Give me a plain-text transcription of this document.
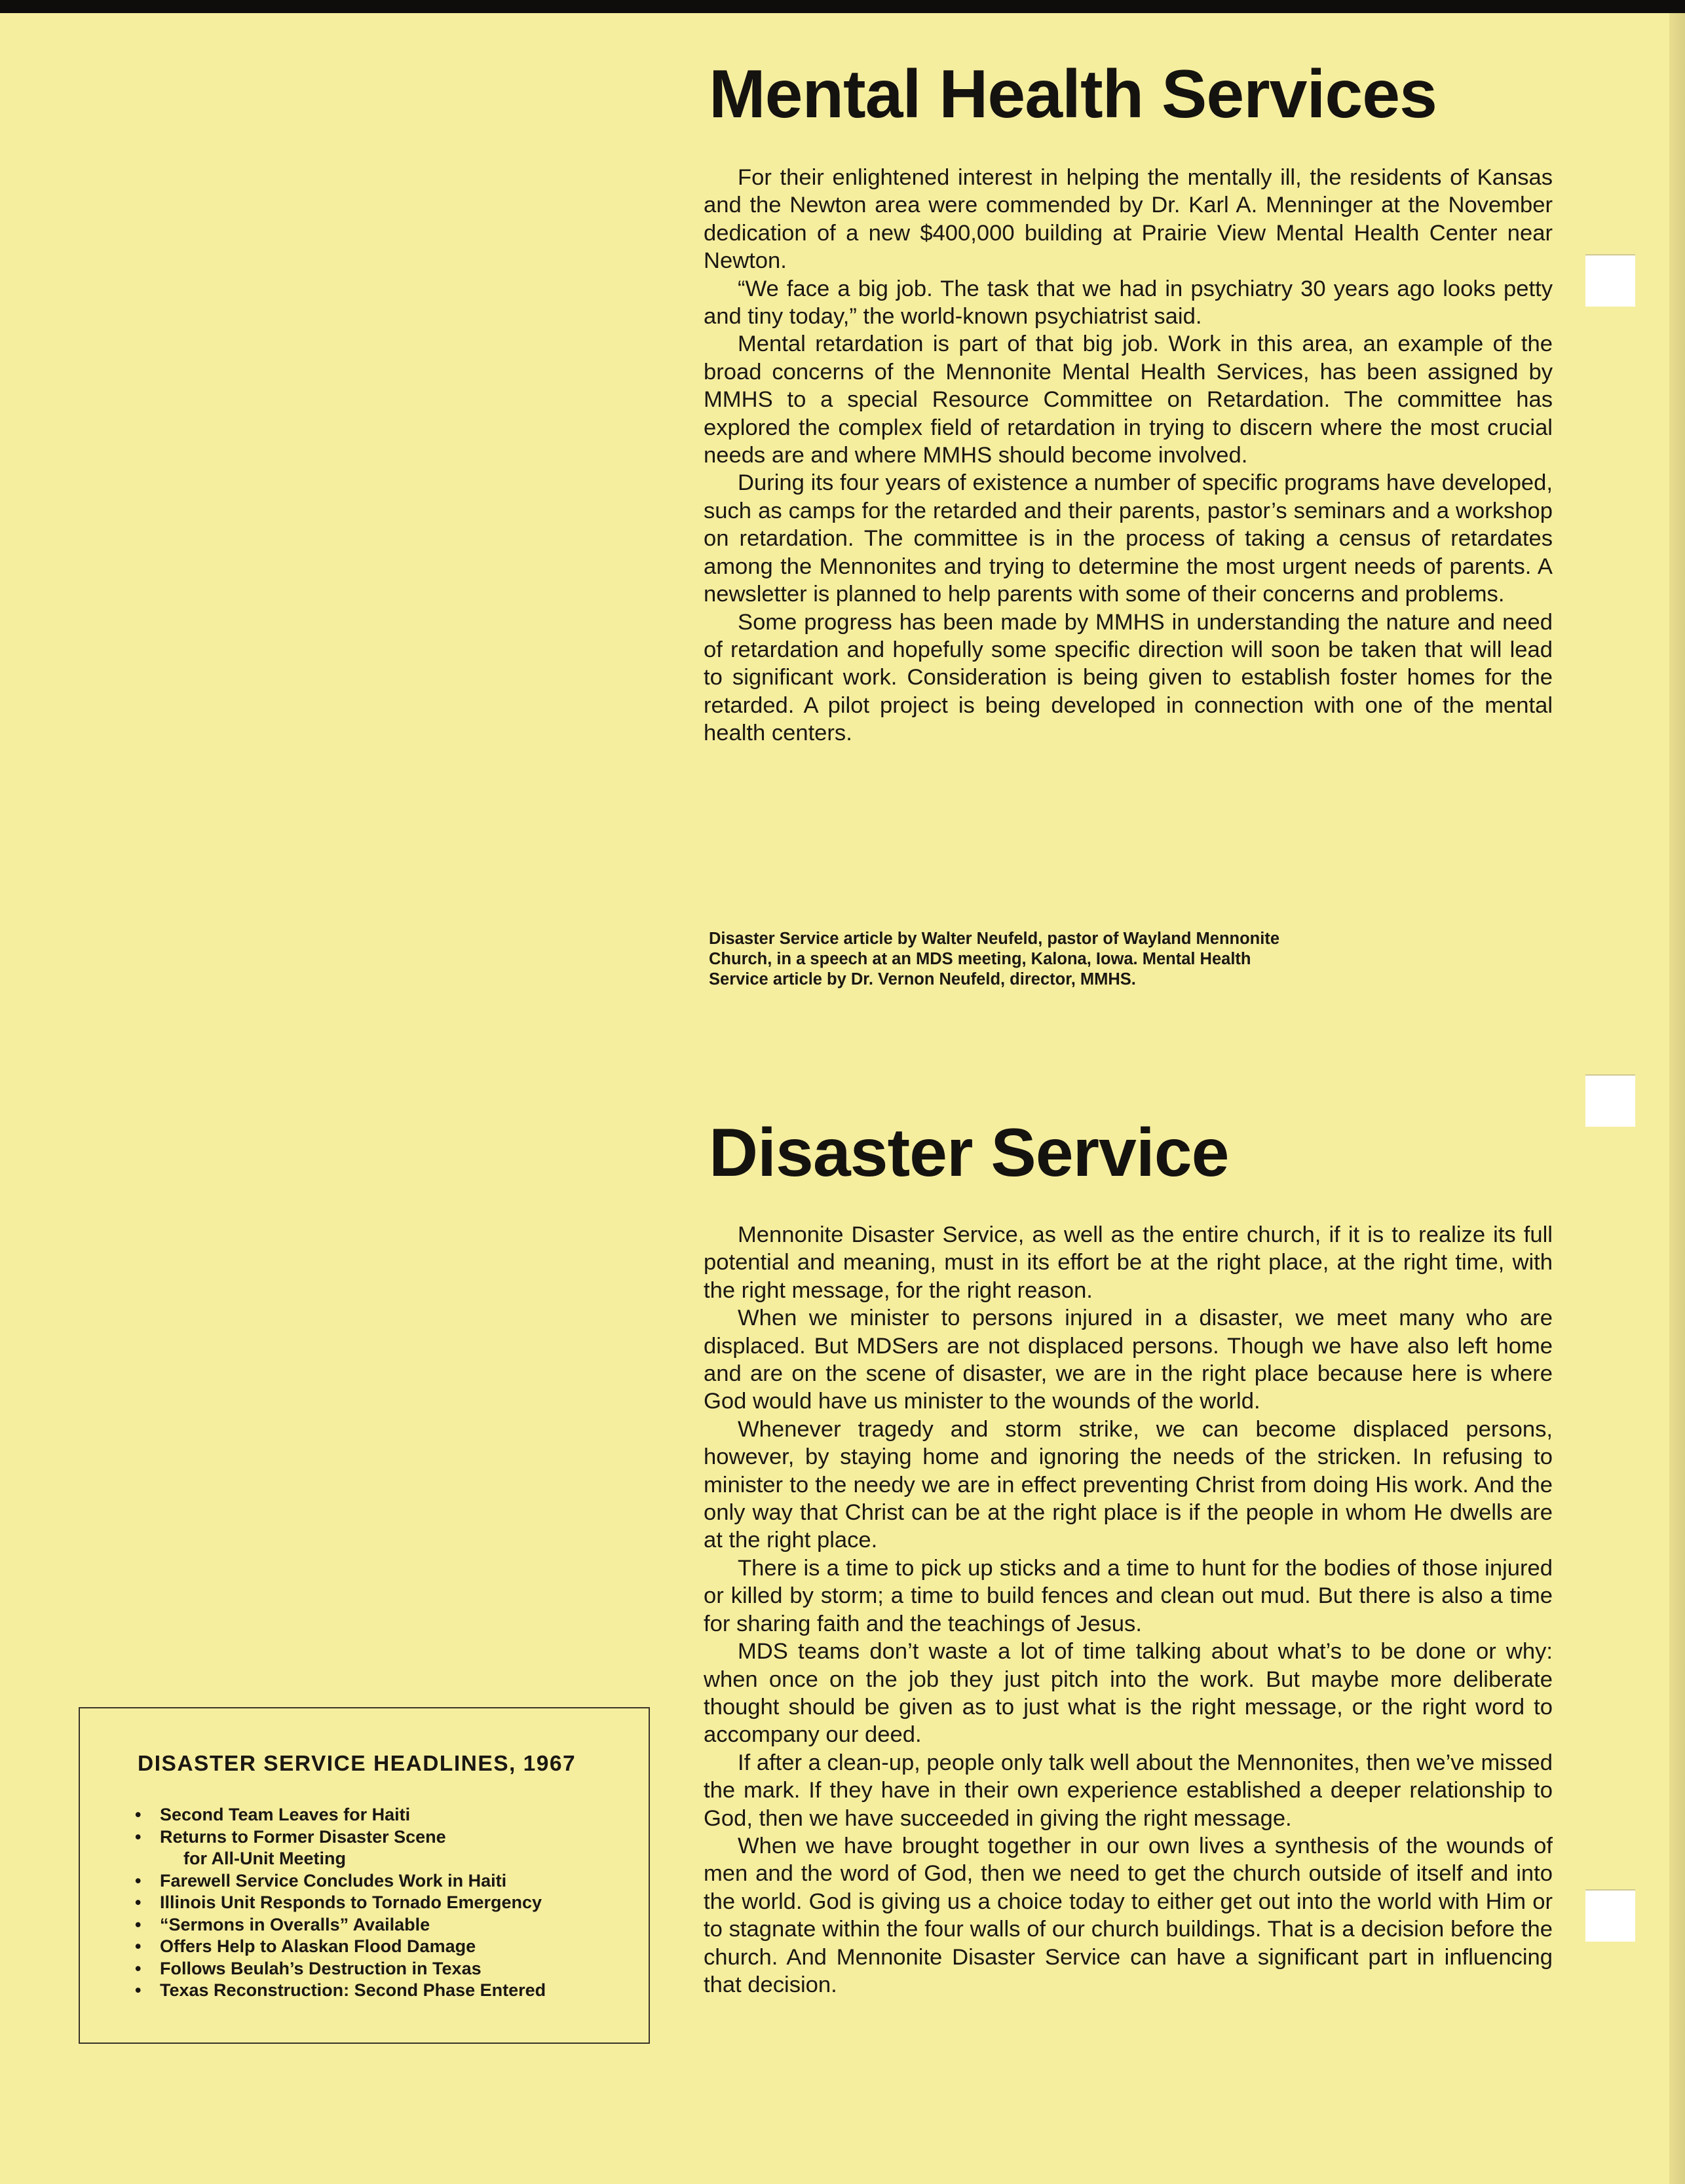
Mental Health Services

For their enlightened interest in helping the mentally ill, the residents of Kansas and the Newton area were commended by Dr. Karl A. Menninger at the November dedication of a new $400,000 building at Prairie View Mental Health Center near Newton.

“We face a big job. The task that we had in psychiatry 30 years ago looks petty and tiny today,” the world-known psychiatrist said.

Mental retardation is part of that big job. Work in this area, an example of the broad concerns of the Mennonite Mental Health Services, has been assigned by MMHS to a special Resource Committee on Retardation. The committee has explored the complex field of retardation in trying to discern where the most crucial needs are and where MMHS should become involved.

During its four years of existence a number of specific programs have developed, such as camps for the retarded and their parents, pastor’s seminars and a workshop on retardation. The committee is in the process of taking a census of retardates among the Mennonites and trying to determine the most urgent needs of parents. A newsletter is planned to help parents with some of their concerns and problems.

Some progress has been made by MMHS in understanding the nature and need of retardation and hopefully some specific direction will soon be taken that will lead to significant work. Consideration is being given to establish foster homes for the retarded. A pilot project is being developed in connection with one of the mental health centers.

Disaster Service article by Walter Neufeld, pastor of Wayland Mennonite Church, in a speech at an MDS meeting, Kalona, Iowa. Mental Health Service article by Dr. Vernon Neufeld, director, MMHS.

Disaster Service

Mennonite Disaster Service, as well as the entire church, if it is to realize its full potential and meaning, must in its effort be at the right place, at the right time, with the right message, for the right reason.

When we minister to persons injured in a disaster, we meet many who are displaced. But MDSers are not displaced persons. Though we have also left home and are on the scene of disaster, we are in the right place because here is where God would have us minister to the wounds of the world.

Whenever tragedy and storm strike, we can become displaced persons, however, by staying home and ignoring the needs of the stricken. In refusing to minister to the needy we are in effect preventing Christ from doing His work. And the only way that Christ can be at the right place is if the people in whom He dwells are at the right place.

There is a time to pick up sticks and a time to hunt for the bodies of those injured or killed by storm; a time to build fences and clean out mud. But there is also a time for sharing faith and the teachings of Jesus.

MDS teams don’t waste a lot of time talking about what’s to be done or why: when once on the job they just pitch into the work. But maybe more deliberate thought should be given as to just what is the right message, or the right word to accompany our deed.

If after a clean-up, people only talk well about the Mennonites, then we’ve missed the mark. If they have in their own experience established a deeper relationship to God, then we have succeeded in giving the right message.

When we have brought together in our own lives a synthesis of the wounds of men and the word of God, then we need to get the church outside of itself and into the world. God is giving us a choice today to either get out into the world with Him or to stagnate within the four walls of our church buildings. That is a decision before the church. And Mennonite Disaster Service can have a significant part in influencing that decision.

DISASTER SERVICE HEADLINES, 1967
• Second Team Leaves for Haiti
• Returns to Former Disaster Scene
for All-Unit Meeting
• Farewell Service Concludes Work in Haiti
• Illinois Unit Responds to Tornado Emergency
• “Sermons in Overalls” Available
• Offers Help to Alaskan Flood Damage
• Follows Beulah’s Destruction in Texas
• Texas Reconstruction: Second Phase Entered
